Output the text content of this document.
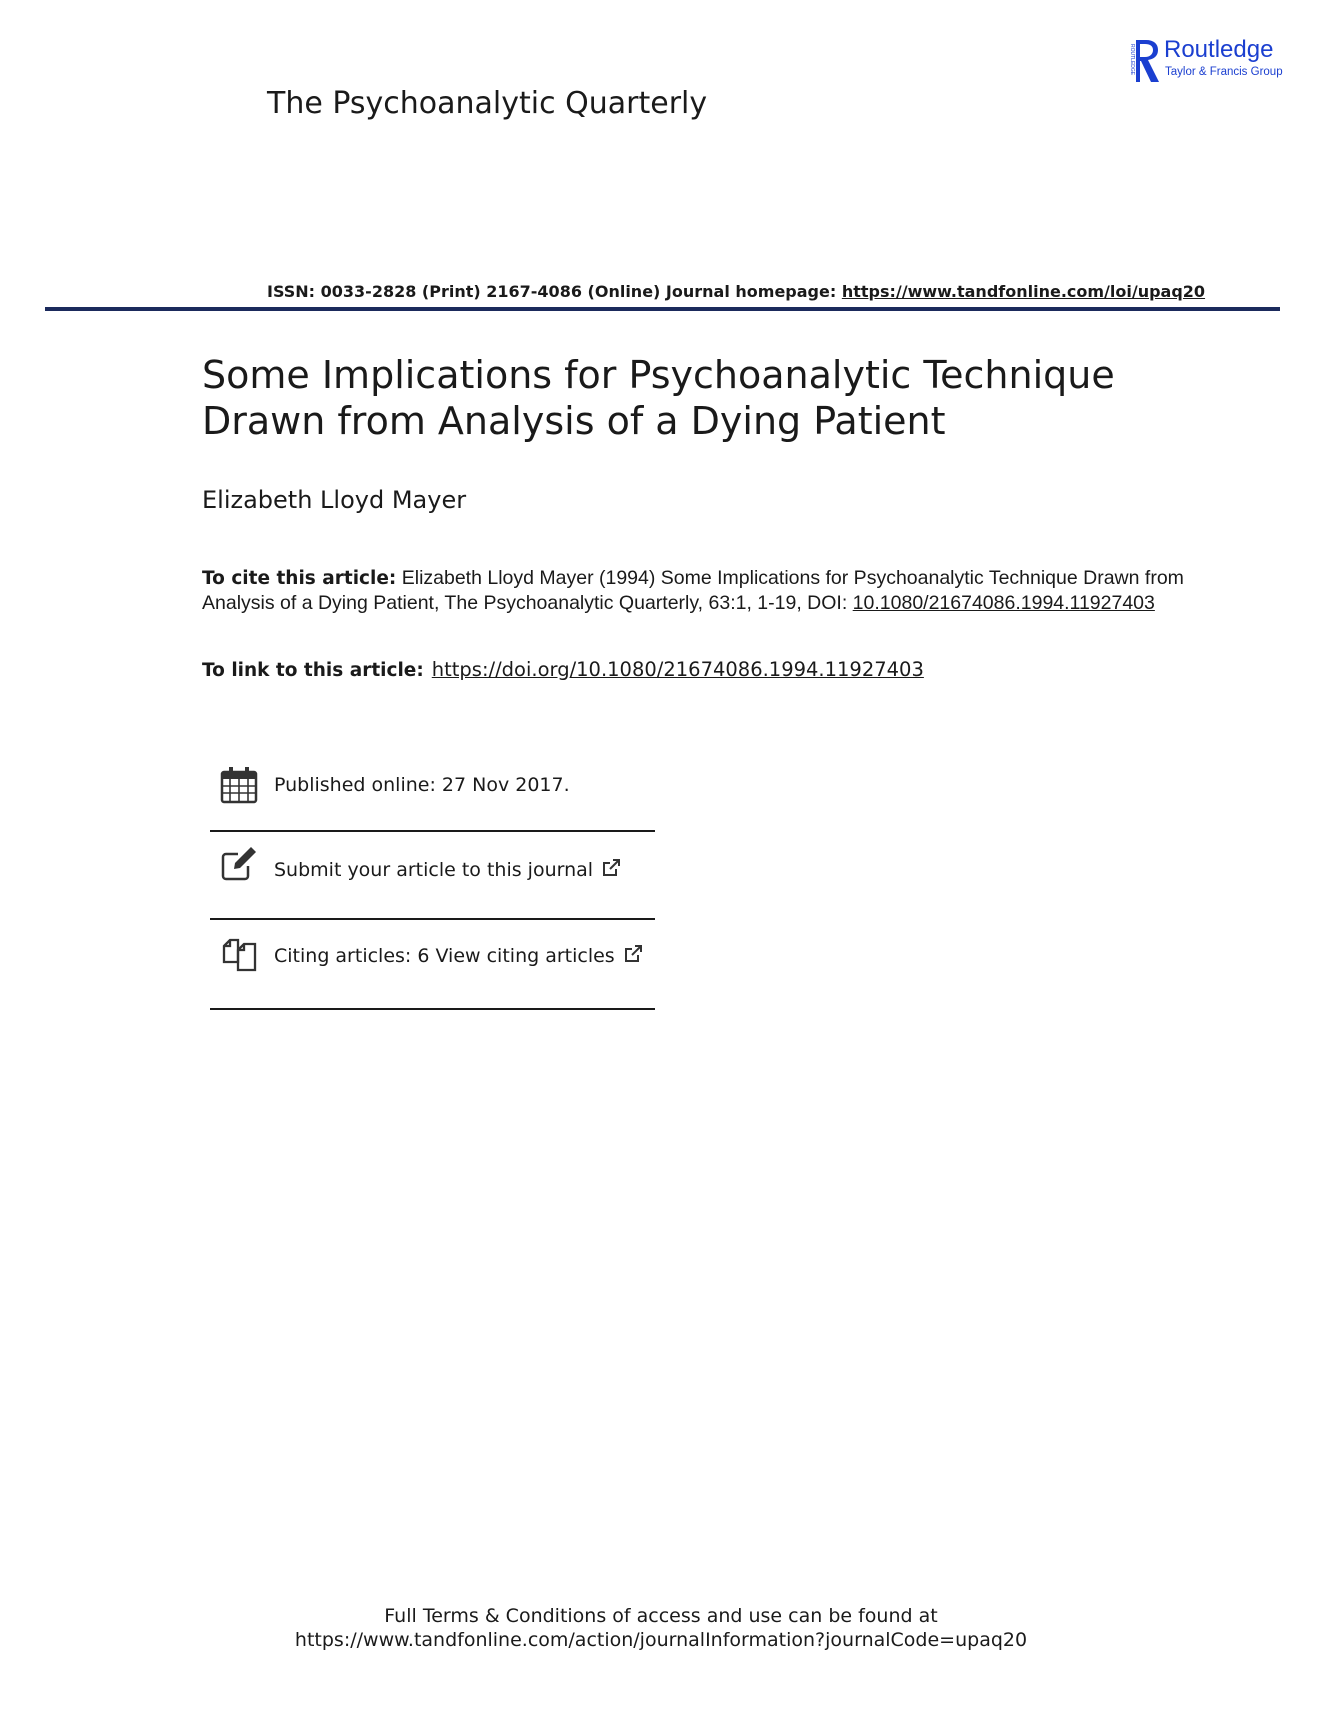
The Psychoanalytic Quarterly
ROUTLEDGE Routledge
Taylor & Francis Group
ISSN: 0033-2828 (Print) 2167-4086 (Online) Journal homepage: https://www.tandfonline.com/loi/upaq20
Some Implications for Psychoanalytic Technique
Drawn from Analysis of a Dying Patient
Elizabeth Lloyd Mayer
To cite this article: Elizabeth Lloyd Mayer (1994) Some Implications for Psychoanalytic Technique Drawn from Analysis of a Dying Patient, The Psychoanalytic Quarterly, 63:1, 1-19, DOI: 10.1080/21674086.1994.11927403
To link to this article: https://doi.org/10.1080/21674086.1994.11927403
Published online: 27 Nov 2017.
Submit your article to this journal
Citing articles: 6 View citing articles
Full Terms & Conditions of access and use can be found at
https://www.tandfonline.com/action/journalInformation?journalCode=upaq20
